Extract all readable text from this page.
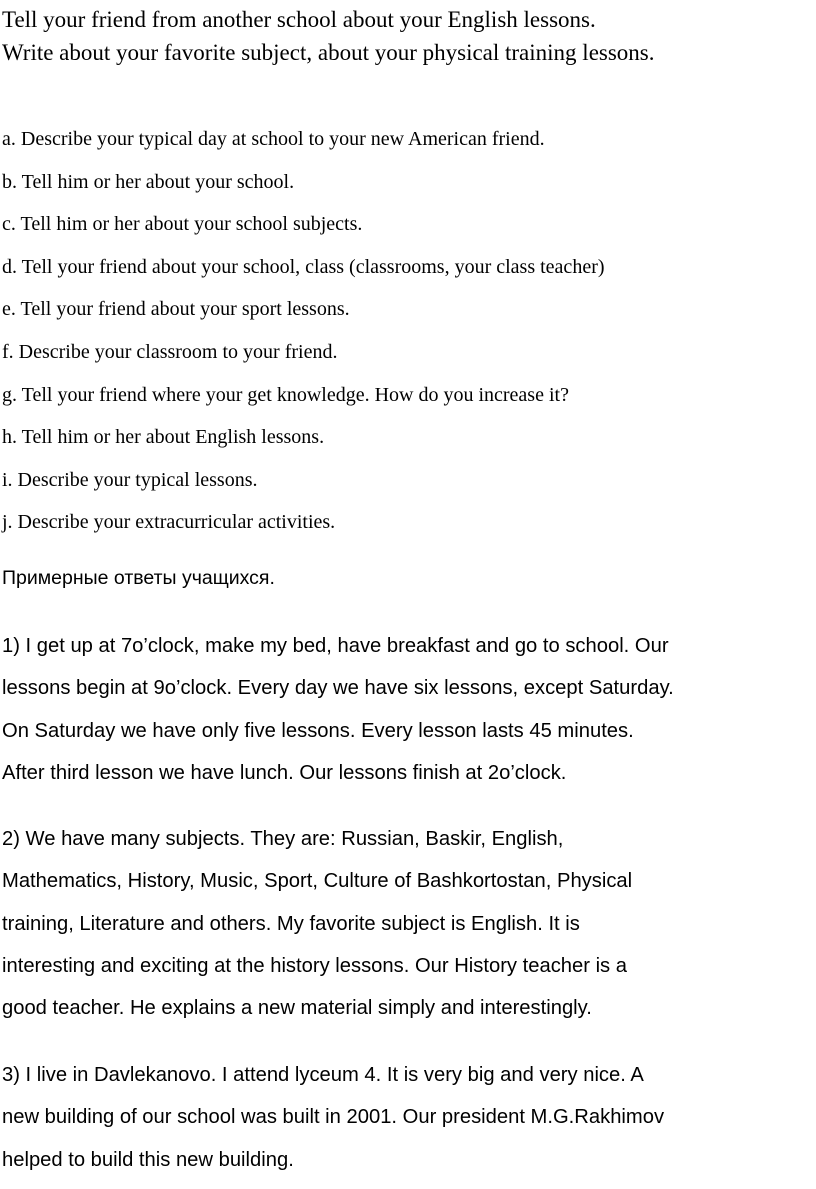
Tell your friend from another school about your English lessons.
Write about your favorite subject, about your physical training lessons.

a. Describe your typical day at school to your new American friend.
b. Tell him or her about your school.
c. Tell him or her about your school subjects.
d. Tell your friend about your school, class (classrooms, your class teacher)
e. Tell your friend about your sport lessons.
f. Describe your classroom to your friend.
g. Tell your friend where your get knowledge. How do you increase it?
h. Tell him or her about English lessons.
i. Describe your typical lessons.
j. Describe your extracurricular activities.
Примерные ответы учащихся.

1) I get up at 7o’clock, make my bed, have breakfast and go to school. Our
lessons begin at 9o’clock. Every day we have six lessons, except Saturday.
On Saturday we have only five lessons. Every lesson lasts 45 minutes.
After third lesson we have lunch. Our lessons finish at 2o’clock.

2) We have many subjects. They are: Russian, Baskir, English,
Mathematics, History, Music, Sport, Culture of Bashkortostan, Physical
training, Literature and others. My favorite subject is English. It is
interesting and exciting at the history lessons. Our History teacher is a
good teacher. He explains a new material simply and interestingly.

3) I live in Davlekanovo. I attend lyceum 4. It is very big and very nice. A
new building of our school was built in 2001. Our president M.G.Rakhimov
helped to build this new building.
